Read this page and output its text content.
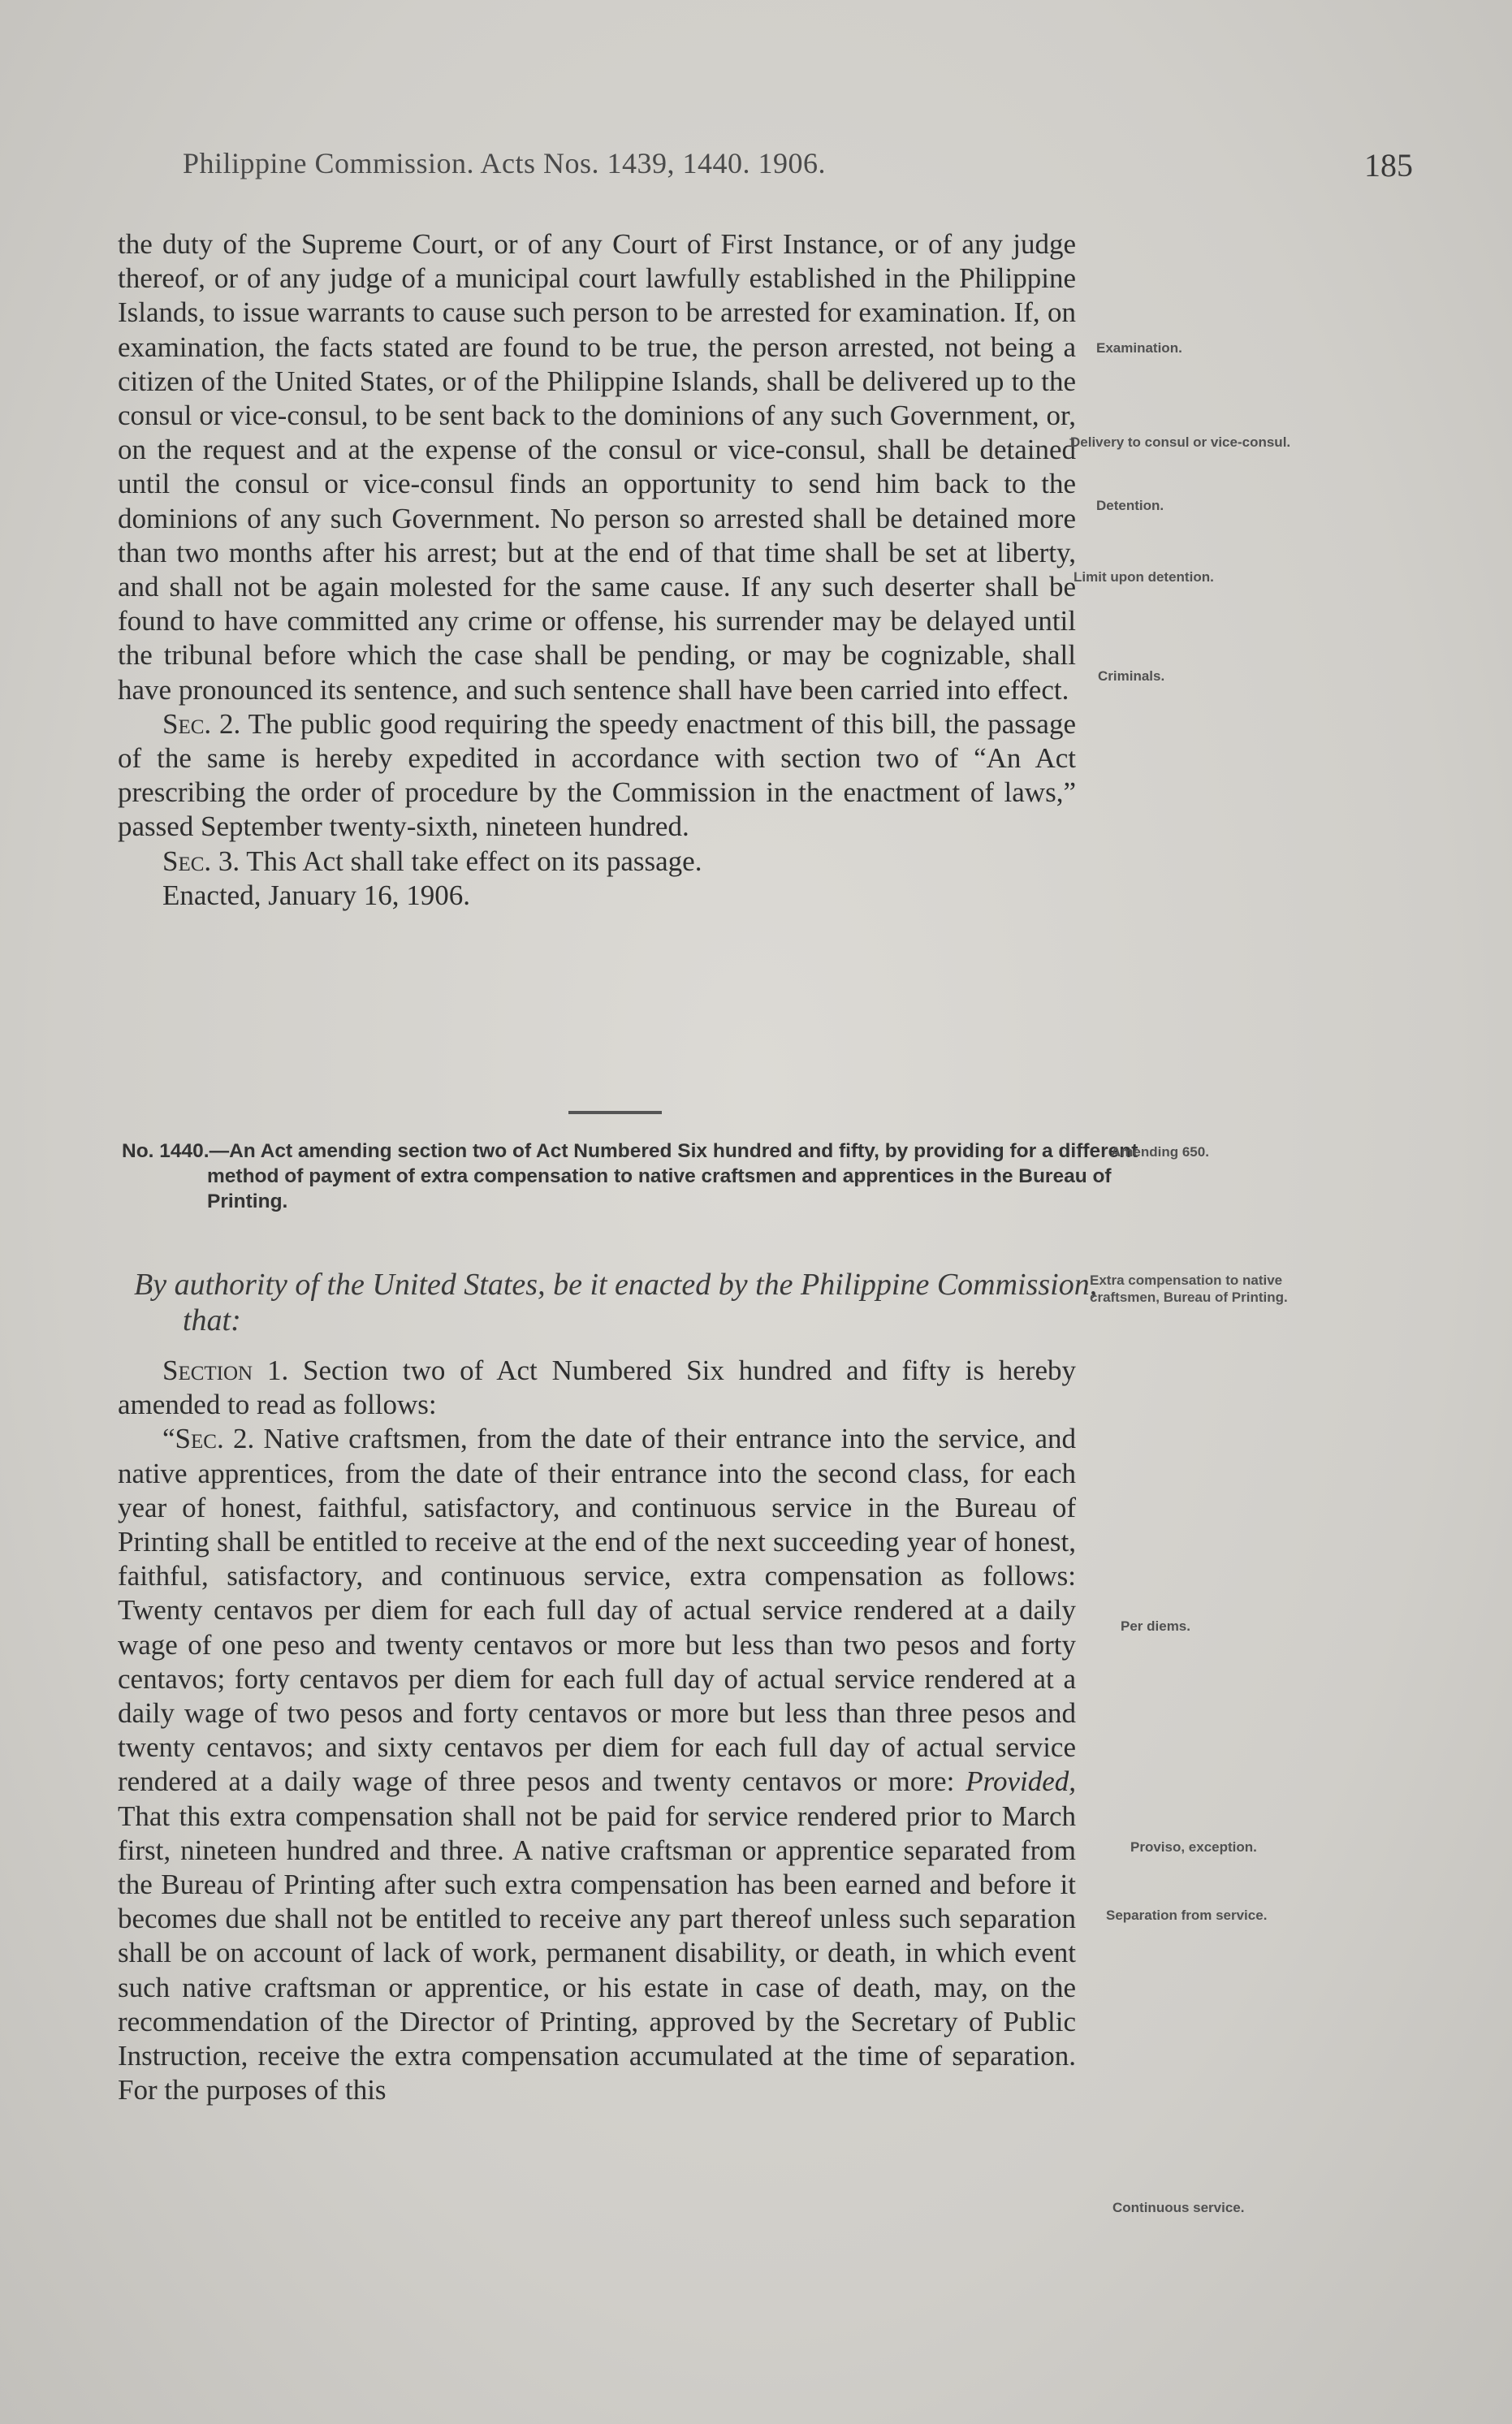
Philippine Commission. Acts Nos. 1439, 1440. 1906.	185

the duty of the Supreme Court, or of any Court of First Instance, or of any judge thereof, or of any judge of a municipal court lawfully established in the Philippine Islands, to issue warrants to cause such person to be arrested for examination. If, on examination, the facts stated are found to be true, the person arrested, not being a citizen of the United States, or of the Philippine Islands, shall be delivered up to the consul or vice-consul, to be sent back to the dominions of any such Government, or, on the request and at the expense of the consul or vice-consul, shall be detained until the consul or vice-consul finds an opportunity to send him back to the dominions of any such Government. No person so arrested shall be detained more than two months after his arrest; but at the end of that time shall be set at liberty, and shall not be again molested for the same cause. If any such deserter shall be found to have committed any crime or offense, his surrender may be delayed until the tribunal before which the case shall be pending, or may be cognizable, shall have pronounced its sentence, and such sentence shall have been carried into effect.

Sec. 2. The public good requiring the speedy enactment of this bill, the passage of the same is hereby expedited in accordance with section two of “An Act prescribing the order of procedure by the Commission in the enactment of laws,” passed September twenty-sixth, nineteen hundred.

Sec. 3. This Act shall take effect on its passage.

Enacted, January 16, 1906.

No. 1440.—An Act amending section two of Act Numbered Six hundred and fifty, by providing for a different method of payment of extra compensation to native craftsmen and apprentices in the Bureau of Printing.
By authority of the United States, be it enacted by the Philippine Commission, that:

Section 1. Section two of Act Numbered Six hundred and fifty is hereby amended to read as follows:

“Sec. 2. Native craftsmen, from the date of their entrance into the service, and native apprentices, from the date of their entrance into the second class, for each year of honest, faithful, satisfactory, and continuous service in the Bureau of Printing shall be entitled to receive at the end of the next succeeding year of honest, faithful, satisfactory, and continuous service, extra compensation as follows: Twenty centavos per diem for each full day of actual service rendered at a daily wage of one peso and twenty centavos or more but less than two pesos and forty centavos; forty centavos per diem for each full day of actual service rendered at a daily wage of two pesos and forty centavos or more but less than three pesos and twenty centavos; and sixty centavos per diem for each full day of actual service rendered at a daily wage of three pesos and twenty centavos or more: Provided, That this extra compensation shall not be paid for service rendered prior to March first, nineteen hundred and three. A native craftsman or apprentice separated from the Bureau of Printing after such extra compensation has been earned and before it becomes due shall not be entitled to receive any part thereof unless such separation shall be on account of lack of work, permanent disability, or death, in which event such native craftsman or apprentice, or his estate in case of death, may, on the recommendation of the Director of Printing, approved by the Secretary of Public Instruction, receive the extra compensation accumulated at the time of separation. For the purposes of this

Examination.
Delivery to consul or vice-consul.
Detention.
Limit upon detention.
Criminals.
Amending 650.
Extra compensation to native craftsmen, Bureau of Printing.
Per diems.
Proviso, exception.
Separation from service.
Continuous service.
